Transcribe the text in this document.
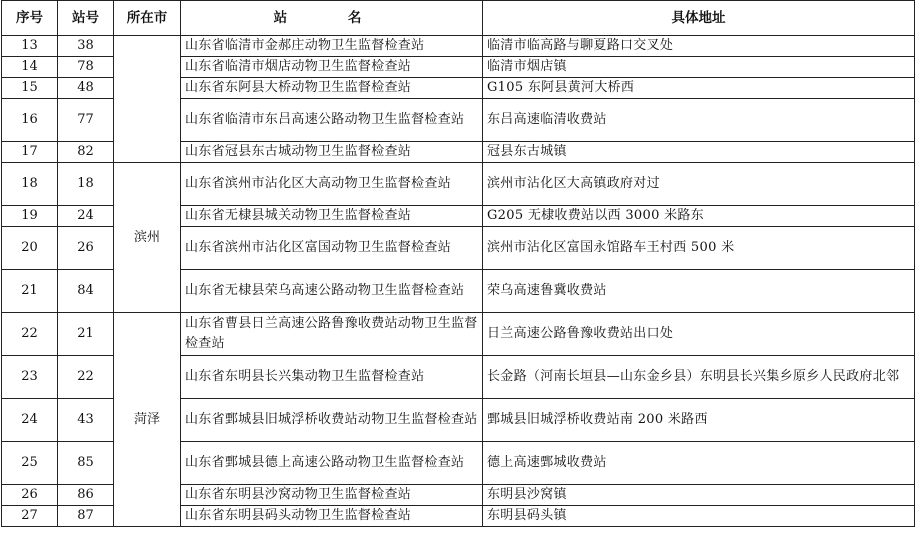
序号	站号	所在市	站 名	具体地址
13	38		山东省临清市金郝庄动物卫生监督检查站	临清市临高路与聊夏路口交叉处
14	78		山东省临清市烟店动物卫生监督检查站	临清市烟店镇
15	48		山东省东阿县大桥动物卫生监督检查站	G105 东阿县黄河大桥西
16	77		山东省临清市东吕高速公路动物卫生监督检查站	东吕高速临清收费站
17	82		山东省冠县东古城动物卫生监督检查站	冠县东古城镇
18	18	滨州	山东省滨州市沾化区大高动物卫生监督检查站	滨州市沾化区大高镇政府对过
19	24		山东省无棣县城关动物卫生监督检查站	G205 无棣收费站以西 3000 米路东
20	26		山东省滨州市沾化区富国动物卫生监督检查站	滨州市沾化区富国永馆路车王村西 500 米
21	84		山东省无棣县荣乌高速公路动物卫生监督检查站	荣乌高速鲁冀收费站
22	21	菏泽	山东省曹县日兰高速公路鲁豫收费站动物卫生监督检查站	日兰高速公路鲁豫收费站出口处
23	22		山东省东明县长兴集动物卫生监督检查站	长金路（河南长垣县—山东金乡县）东明县长兴集乡原乡人民政府北邻
24	43		山东省鄄城县旧城浮桥收费站动物卫生监督检查站	鄄城县旧城浮桥收费站南 200 米路西
25	85		山东省鄄城县德上高速公路动物卫生监督检查站	德上高速鄄城收费站
26	86		山东省东明县沙窝动物卫生监督检查站	东明县沙窝镇
27	87		山东省东明县码头动物卫生监督检查站	东明县码头镇
